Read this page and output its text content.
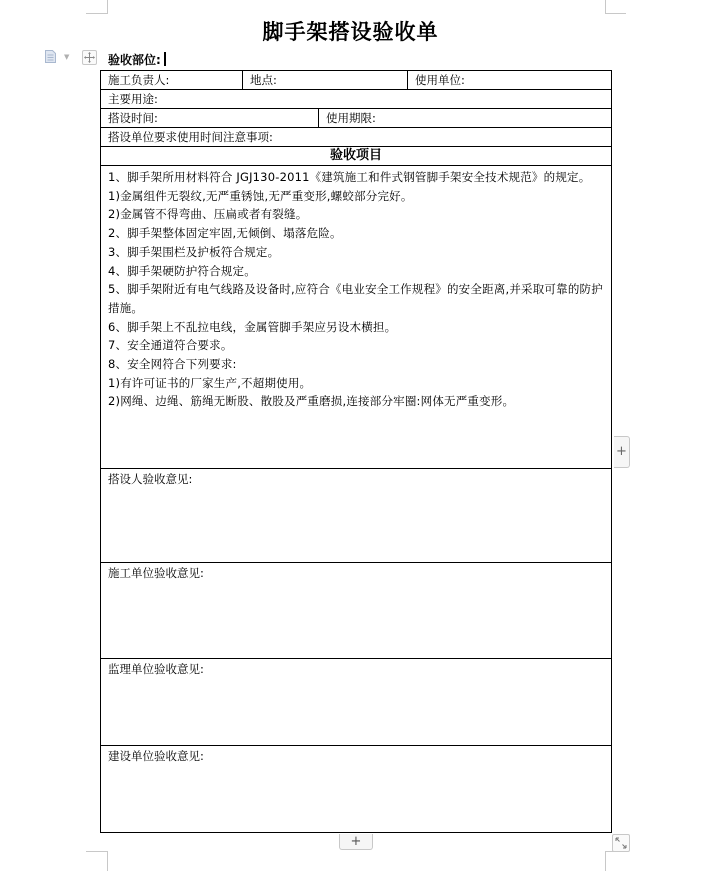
脚手架搭设验收单
▼	验收部位:
施工负责人:	地点:	使用单位:
主要用途:
搭设时间:	使用期限:
搭设单位要求使用时间注意事项:
验收项目
1、脚手架所用材料符合 JGJ130-2011《建筑施工和件式钢管脚手架安全技术规范》的规定。
1)金属组件无裂纹,无严重锈蚀,无严重变形,螺蛟部分完好。
2)金属管不得弯曲、压扁或者有裂缝。
2、脚手架整体固定牢固,无倾倒、塌落危险。
3、脚手架围栏及护板符合规定。
4、脚手架硬防护符合规定。
5、脚手架附近有电气线路及设备时,应符合《电业安全工作规程》的安全距离,并采取可靠的防护措施。
6、脚手架上不乱拉电线，金属管脚手架应另设木横担。
7、安全通道符合要求。
8、安全网符合下列要求:
1)有许可证书的厂家生产,不超期使用。
2)网绳、边绳、筋绳无断股、散股及严重磨损,连接部分牢圈:网体无严重变形。
搭设人验收意见:
施工单位验收意见:
监理单位验收意见:
建设单位验收意见:
+
+
